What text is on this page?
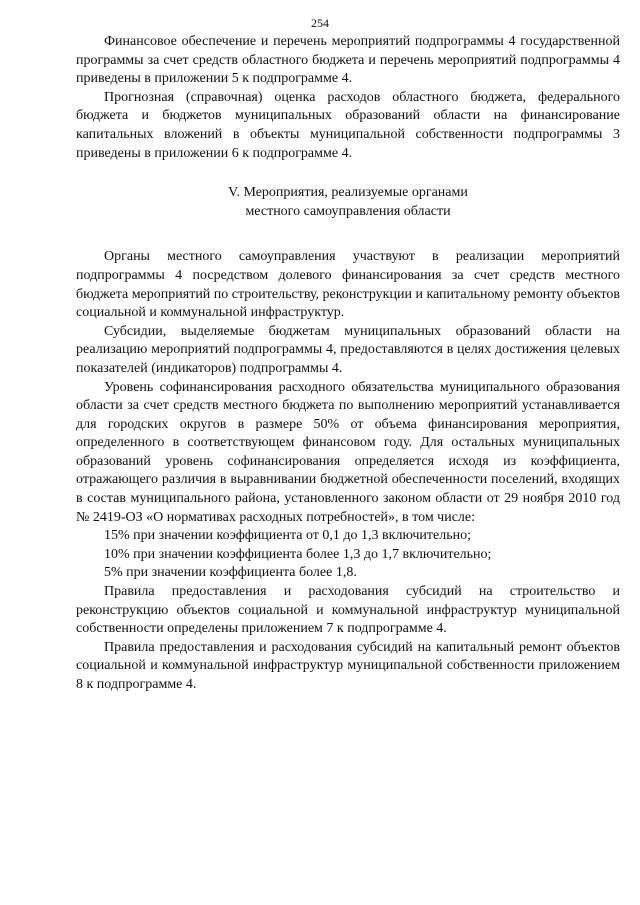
254

Финансовое обеспечение и перечень мероприятий подпрограммы 4 государственной программы за счет средств областного бюджета и перечень мероприятий подпрограммы 4 приведены в приложении 5 к подпрограмме 4.

Прогнозная (справочная) оценка расходов областного бюджета, федерального бюджета и бюджетов муниципальных образований области на финансирование капитальных вложений в объекты муниципальной собственности подпрограммы 3 приведены в приложении 6 к подпрограмме 4.

V. Мероприятия, реализуемые органами
местного самоуправления области

Органы местного самоуправления участвуют в реализации мероприятий подпрограммы 4 посредством долевого финансирования за счет средств местного бюджета мероприятий по строительству, реконструкции и капитальному ремонту объектов социальной и коммунальной инфраструктур.

Субсидии, выделяемые бюджетам муниципальных образований области на реализацию мероприятий подпрограммы 4, предоставляются в целях достижения целевых показателей (индикаторов) подпрограммы 4.

Уровень софинансирования расходного обязательства муниципального образования области за счет средств местного бюджета по выполнению мероприятий устанавливается для городских округов в размере 50% от объема финансирования мероприятия, определенного в соответствующем финансовом году. Для остальных муниципальных образований уровень софинансирования определяется исходя из коэффициента, отражающего различия в выравнивании бюджетной обеспеченности поселений, входящих в состав муниципального района, установленного законом области от 29 ноября 2010 год № 2419-ОЗ «О нормативах расходных потребностей», в том числе:

15% при значении коэффициента от 0,1 до 1,3 включительно;

10% при значении коэффициента более 1,3 до 1,7 включительно;

5% при значении коэффициента более 1,8.

Правила предоставления и расходования субсидий на строительство и реконструкцию объектов социальной и коммунальной инфраструктур муниципальной собственности определены приложением 7 к подпрограмме 4.

Правила предоставления и расходования субсидий на капитальный ремонт объектов социальной и коммунальной инфраструктур муниципальной собственности приложением 8 к подпрограмме 4.
